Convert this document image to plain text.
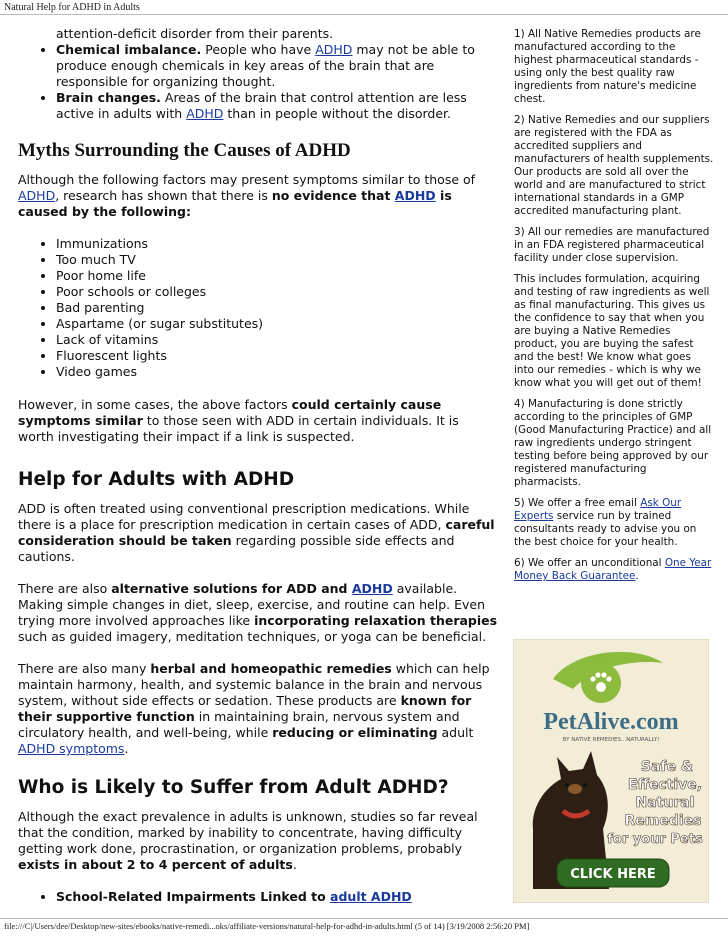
Natural Help for ADHD in Adults
attention-deficit disorder from their parents.
• Chemical imbalance. People who have ADHD may not be able to produce enough chemicals in key areas of the brain that are responsible for organizing thought.
• Brain changes. Areas of the brain that control attention are less active in adults with ADHD than in people without the disorder.
Myths Surrounding the Causes of ADHD

Although the following factors may present symptoms similar to those of ADHD, research has shown that there is no evidence that ADHD is caused by the following:

• Immunizations
• Too much TV
• Poor home life
• Poor schools or colleges
• Bad parenting
• Aspartame (or sugar substitutes)
• Lack of vitamins
• Fluorescent lights
• Video games

However, in some cases, the above factors could certainly cause symptoms similar to those seen with ADD in certain individuals. It is worth investigating their impact if a link is suspected.

Help for Adults with ADHD

ADD is often treated using conventional prescription medications. While there is a place for prescription medication in certain cases of ADD, careful consideration should be taken regarding possible side effects and cautions.

There are also alternative solutions for ADD and ADHD available. Making simple changes in diet, sleep, exercise, and routine can help. Even trying more involved approaches like incorporating relaxation therapies such as guided imagery, meditation techniques, or yoga can be beneficial.

There are also many herbal and homeopathic remedies which can help maintain harmony, health, and systemic balance in the brain and nervous system, without side effects or sedation. These products are known for their supportive function in maintaining brain, nervous system and circulatory health, and well-being, while reducing or eliminating adult ADHD symptoms.

Who is Likely to Suffer from Adult ADHD?

Although the exact prevalence in adults is unknown, studies so far reveal that the condition, marked by inability to concentrate, having difficulty getting work done, procrastination, or organization problems, probably exists in about 2 to 4 percent of adults.

• School-Related Impairments Linked to adult ADHD

1) All Native Remedies products are manufactured according to the highest pharmaceutical standards - using only the best quality raw ingredients from nature's medicine chest.

2) Native Remedies and our suppliers are registered with the FDA as accredited suppliers and manufacturers of health supplements. Our products are sold all over the world and are manufactured to strict international standards in a GMP accredited manufacturing plant.

3) All our remedies are manufactured in an FDA registered pharmaceutical facility under close supervision.

This includes formulation, acquiring and testing of raw ingredients as well as final manufacturing. This gives us the confidence to say that when you are buying a Native Remedies product, you are buying the safest and the best! We know what goes into our remedies - which is why we know what you will get out of them!

4) Manufacturing is done strictly according to the principles of GMP (Good Manufacturing Practice) and all raw ingredients undergo stringent testing before being approved by our registered manufacturing pharmacists.

5) We offer a free email Ask Our Experts service run by trained consultants ready to advise you on the best choice for your health.

6) We offer an unconditional One Year Money Back Guarantee.

PetAlive.com
BY NATIVE REMEDIES...NATURALLY!
Safe &
Effective,
Natural
Remedies
for your Pets
CLICK HERE
file:///C|/Users/dee/Desktop/new-sites/ebooks/native-remedi...oks/affiliate-versions/natural-help-for-adhd-in-adults.html (5 of 14) [3/19/2008 2:56:20 PM]
